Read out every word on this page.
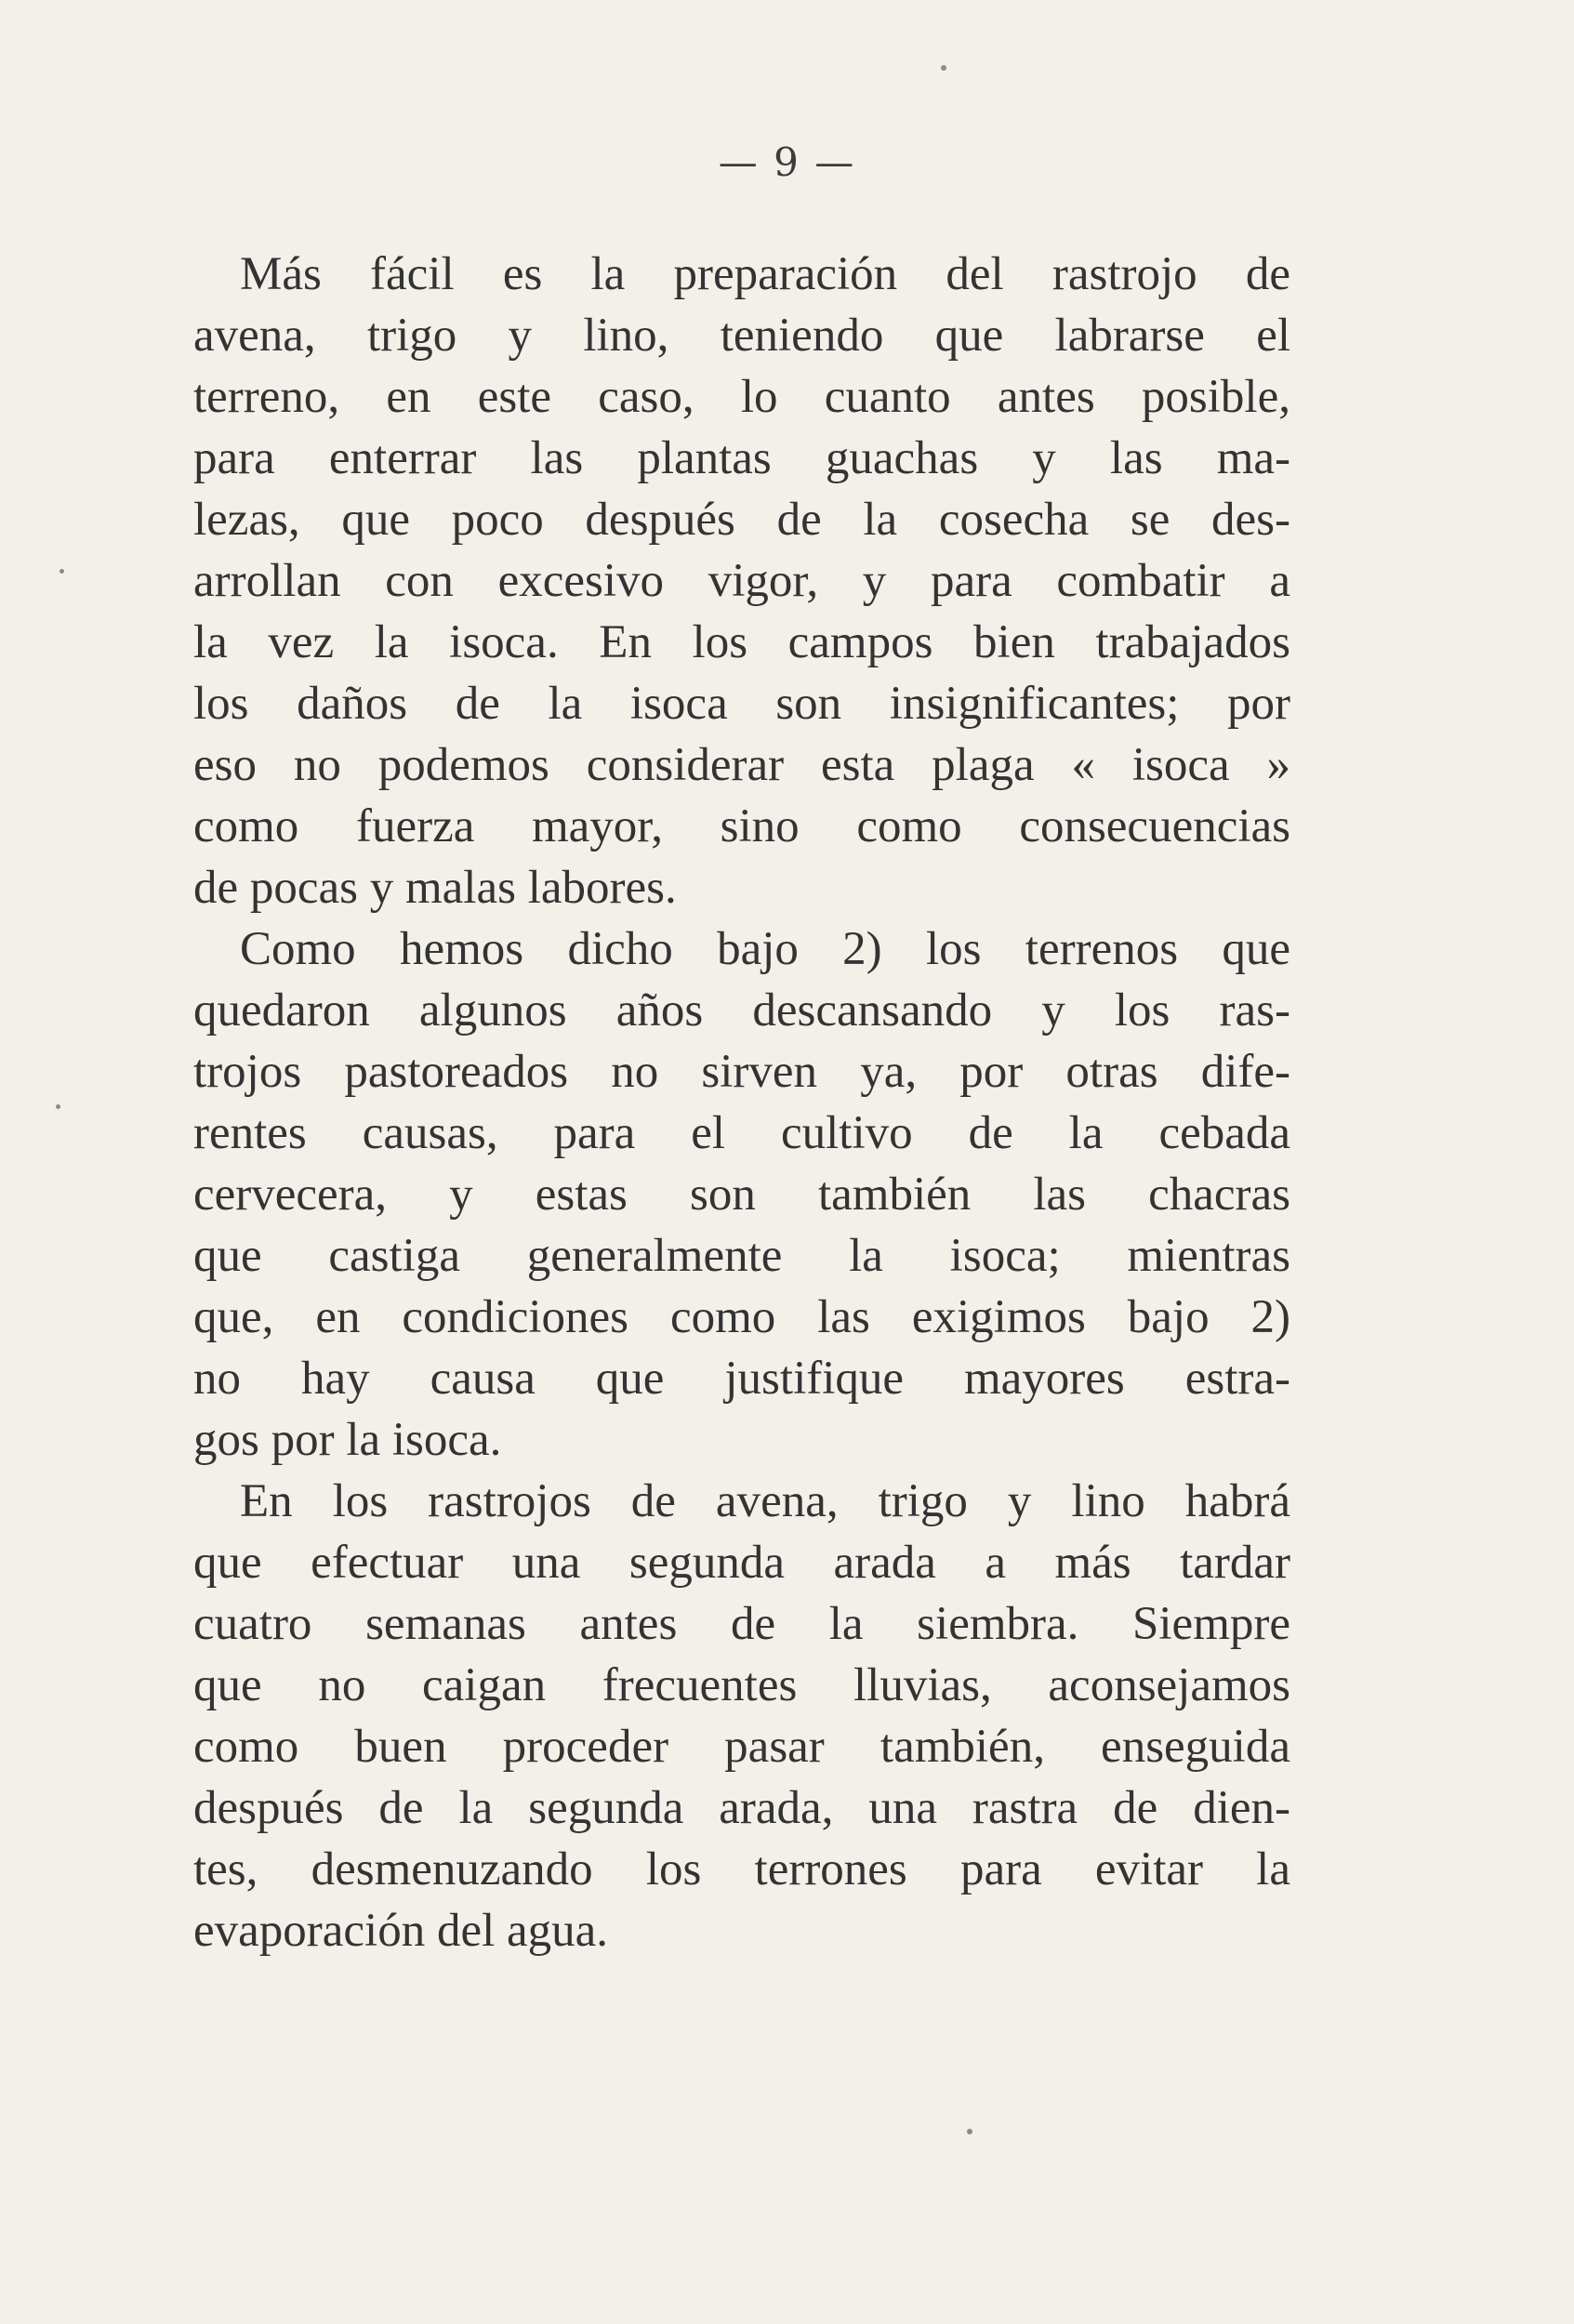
— 9 —
Más fácil es la preparación del rastrojo de
avena, trigo y lino, teniendo que labrarse el
terreno, en este caso, lo cuanto antes posible,
para enterrar las plantas guachas y las ma-
lezas, que poco después de la cosecha se des-
arrollan con excesivo vigor, y para combatir a
la vez la isoca. En los campos bien trabajados
los daños de la isoca son insignificantes; por
eso no podemos considerar esta plaga « isoca »
como fuerza mayor, sino como consecuencias
de pocas y malas labores.
Como hemos dicho bajo 2) los terrenos que
quedaron algunos años descansando y los ras-
trojos pastoreados no sirven ya, por otras dife-
rentes causas, para el cultivo de la cebada
cervecera, y estas son también las chacras
que castiga generalmente la isoca; mientras
que, en condiciones como las exigimos bajo 2)
no hay causa que justifique mayores estra-
gos por la isoca.
En los rastrojos de avena, trigo y lino habrá
que efectuar una segunda arada a más tardar
cuatro semanas antes de la siembra. Siempre
que no caigan frecuentes lluvias, aconsejamos
como buen proceder pasar también, enseguida
después de la segunda arada, una rastra de dien-
tes, desmenuzando los terrones para evitar la
evaporación del agua.
